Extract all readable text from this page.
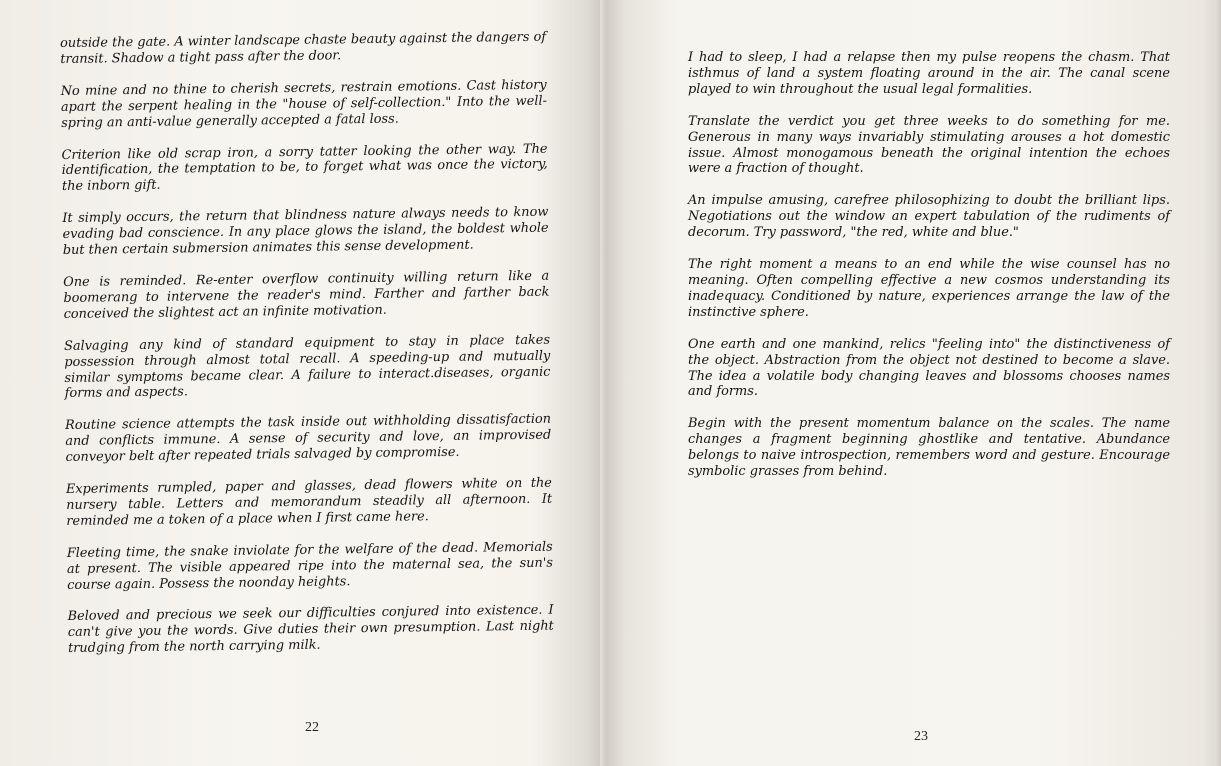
outside the gate. A winter landscape chaste beauty against the dangers of transit. Shadow a tight pass after the door.

No mine and no thine to cherish secrets, restrain emotions. Cast history apart the serpent healing in the "house of self-collection." Into the well-spring an anti-value generally accepted a fatal loss.

Criterion like old scrap iron, a sorry tatter looking the other way. The identification, the temptation to be, to forget what was once the victory, the inborn gift.

It simply occurs, the return that blindness nature always needs to know evading bad conscience. In any place glows the island, the boldest whole but then certain submersion animates this sense development.

One is reminded. Re-enter overflow continuity willing return like a boomerang to intervene the reader's mind. Farther and farther back conceived the slightest act an infinite motivation.

Salvaging any kind of standard equipment to stay in place takes possession through almost total recall. A speeding-up and mutually similar symptoms became clear. A failure to interact.diseases, organic forms and aspects.

Routine science attempts the task inside out withholding dissatisfaction and conflicts immune. A sense of security and love, an improvised conveyor belt after repeated trials salvaged by compromise.

Experiments rumpled, paper and glasses, dead flowers white on the nursery table. Letters and memorandum steadily all afternoon. It reminded me a token of a place when I first came here.

Fleeting time, the snake inviolate for the welfare of the dead. Memorials at present. The visible appeared ripe into the maternal sea, the sun's course again. Possess the noonday heights.

Beloved and precious we seek our difficulties conjured into existence. I can't give you the words. Give duties their own presumption. Last night trudging from the north carrying milk.

I had to sleep, I had a relapse then my pulse reopens the chasm. That isthmus of land a system floating around in the air. The canal scene played to win throughout the usual legal formalities.

Translate the verdict you get three weeks to do something for me. Generous in many ways invariably stimulating arouses a hot domestic issue. Almost monogamous beneath the original intention the echoes were a fraction of thought.

An impulse amusing, carefree philosophizing to doubt the brilliant lips. Negotiations out the window an expert tabulation of the rudiments of decorum. Try password, "the red, white and blue."

The right moment a means to an end while the wise counsel has no meaning. Often compelling effective a new cosmos understanding its inadequacy. Conditioned by nature, experiences arrange the law of the instinctive sphere.

One earth and one mankind, relics "feeling into" the distinctiveness of the object. Abstraction from the object not destined to become a slave. The idea a volatile body changing leaves and blossoms chooses names and forms.

Begin with the present momentum balance on the scales. The name changes a fragment beginning ghostlike and tentative. Abundance belongs to naive introspection, remembers word and gesture. Encourage symbolic grasses from behind.

22
23
